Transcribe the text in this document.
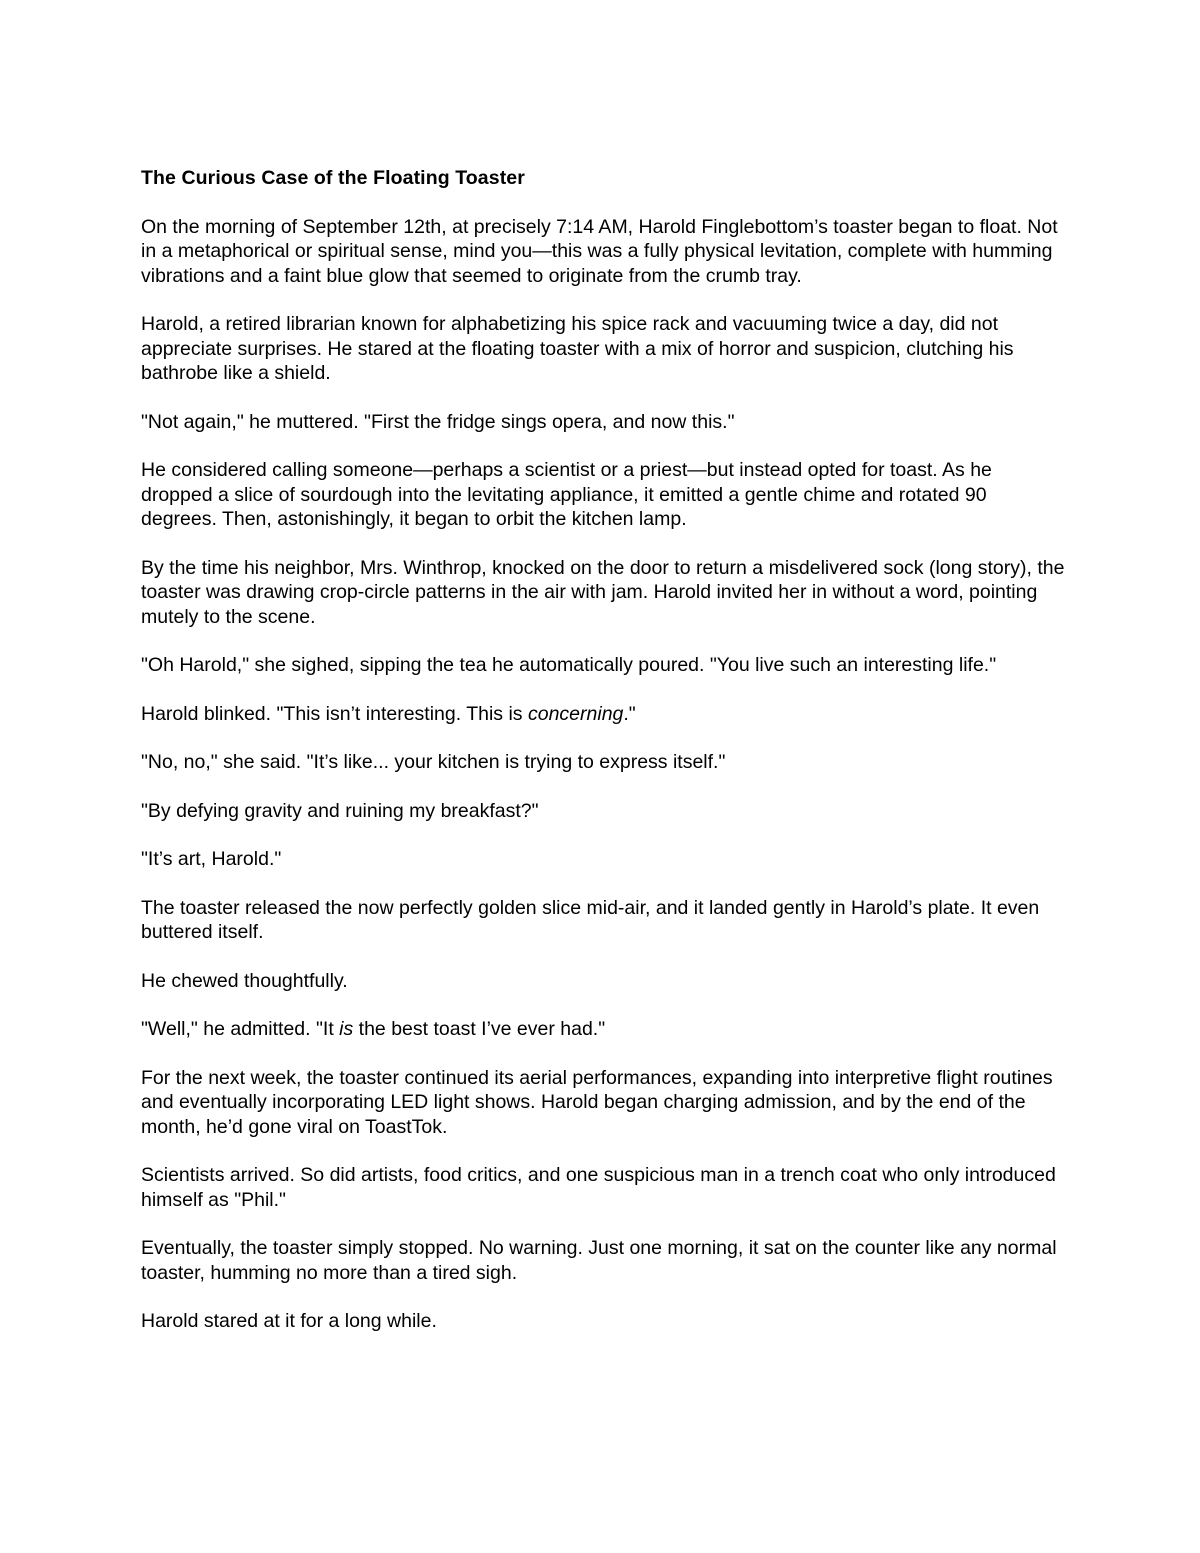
The Curious Case of the Floating Toaster

On the morning of September 12th, at precisely 7:14 AM, Harold Finglebottom’s toaster began to float. Not in a metaphorical or spiritual sense, mind you—this was a fully physical levitation, complete with humming vibrations and a faint blue glow that seemed to originate from the crumb tray.

Harold, a retired librarian known for alphabetizing his spice rack and vacuuming twice a day, did not appreciate surprises. He stared at the floating toaster with a mix of horror and suspicion, clutching his bathrobe like a shield.

"Not again," he muttered. "First the fridge sings opera, and now this."

He considered calling someone—perhaps a scientist or a priest—but instead opted for toast. As he dropped a slice of sourdough into the levitating appliance, it emitted a gentle chime and rotated 90 degrees. Then, astonishingly, it began to orbit the kitchen lamp.

By the time his neighbor, Mrs. Winthrop, knocked on the door to return a misdelivered sock (long story), the toaster was drawing crop-circle patterns in the air with jam. Harold invited her in without a word, pointing mutely to the scene.

"Oh Harold," she sighed, sipping the tea he automatically poured. "You live such an interesting life."

Harold blinked. "This isn’t interesting. This is concerning."

"No, no," she said. "It’s like... your kitchen is trying to express itself."

"By defying gravity and ruining my breakfast?"

"It’s art, Harold."

The toaster released the now perfectly golden slice mid-air, and it landed gently in Harold’s plate. It even buttered itself.

He chewed thoughtfully.

"Well," he admitted. "It is the best toast I’ve ever had."

For the next week, the toaster continued its aerial performances, expanding into interpretive flight routines and eventually incorporating LED light shows. Harold began charging admission, and by the end of the month, he’d gone viral on ToastTok.

Scientists arrived. So did artists, food critics, and one suspicious man in a trench coat who only introduced himself as "Phil."

Eventually, the toaster simply stopped. No warning. Just one morning, it sat on the counter like any normal toaster, humming no more than a tired sigh.

Harold stared at it for a long while.
